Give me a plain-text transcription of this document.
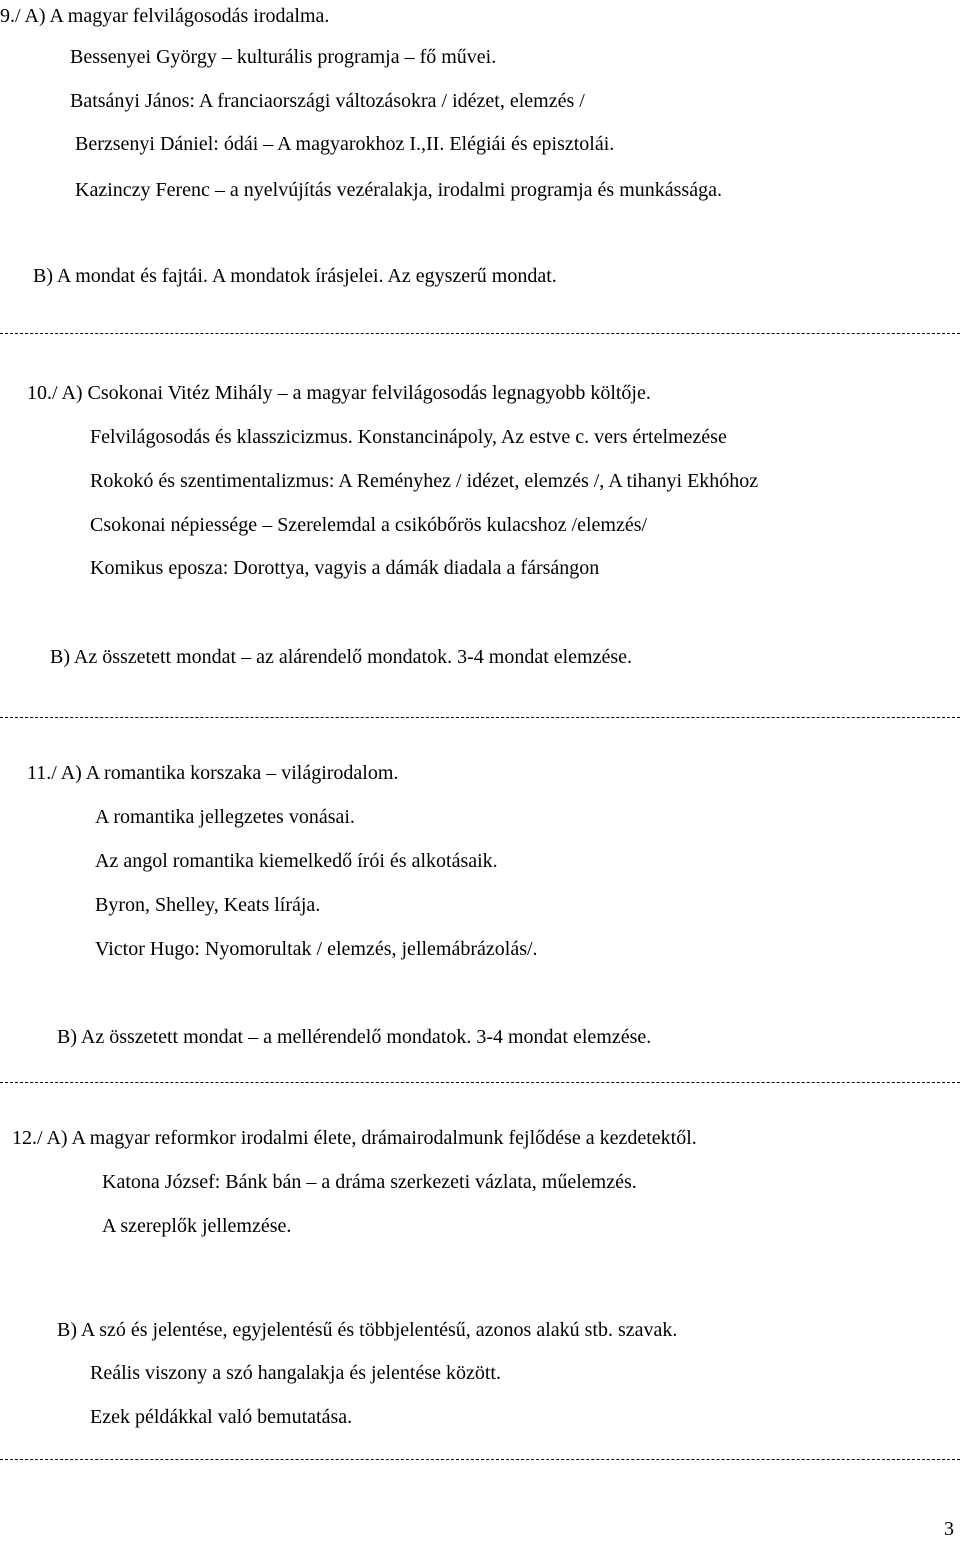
9./ A) A magyar felvilágosodás irodalma.
Bessenyei György – kulturális programja – fő művei.
Batsányi János: A franciaországi változásokra / idézet, elemzés /
Berzsenyi Dániel: ódái – A magyarokhoz I.,II. Elégiái és episztolái.
Kazinczy Ferenc – a nyelvújítás vezéralakja, irodalmi programja és munkássága.
B) A mondat és fajtái. A mondatok írásjelei. Az egyszerű mondat.
10./ A) Csokonai Vitéz Mihály – a magyar felvilágosodás legnagyobb költője.
Felvilágosodás és klasszicizmus. Konstancinápoly, Az estve c. vers értelmezése
Rokokó és szentimentalizmus: A Reményhez / idézet, elemzés /, A tihanyi Ekhóhoz
Csokonai népiessége – Szerelemdal a csikóbőrös kulacshoz /elemzés/
Komikus eposza: Dorottya, vagyis a dámák diadala a fársángon
B) Az összetett mondat – az alárendelő mondatok. 3-4 mondat elemzése.
11./ A) A romantika korszaka – világirodalom.
A romantika jellegzetes vonásai.
Az angol romantika kiemelkedő írói és alkotásaik.
Byron, Shelley, Keats lírája.
Victor Hugo: Nyomorultak / elemzés, jellemábrázolás/.
B) Az összetett mondat – a mellérendelő mondatok. 3-4 mondat elemzése.
12./ A) A magyar reformkor irodalmi élete, drámairodalmunk fejlődése a kezdetektől.
Katona József: Bánk bán – a dráma szerkezeti vázlata, műelemzés.
A szereplők jellemzése.
B) A szó és jelentése, egyjelentésű és többjelentésű, azonos alakú stb. szavak.
Reális viszony a szó hangalakja és jelentése között.
Ezek példákkal való bemutatása.
3
